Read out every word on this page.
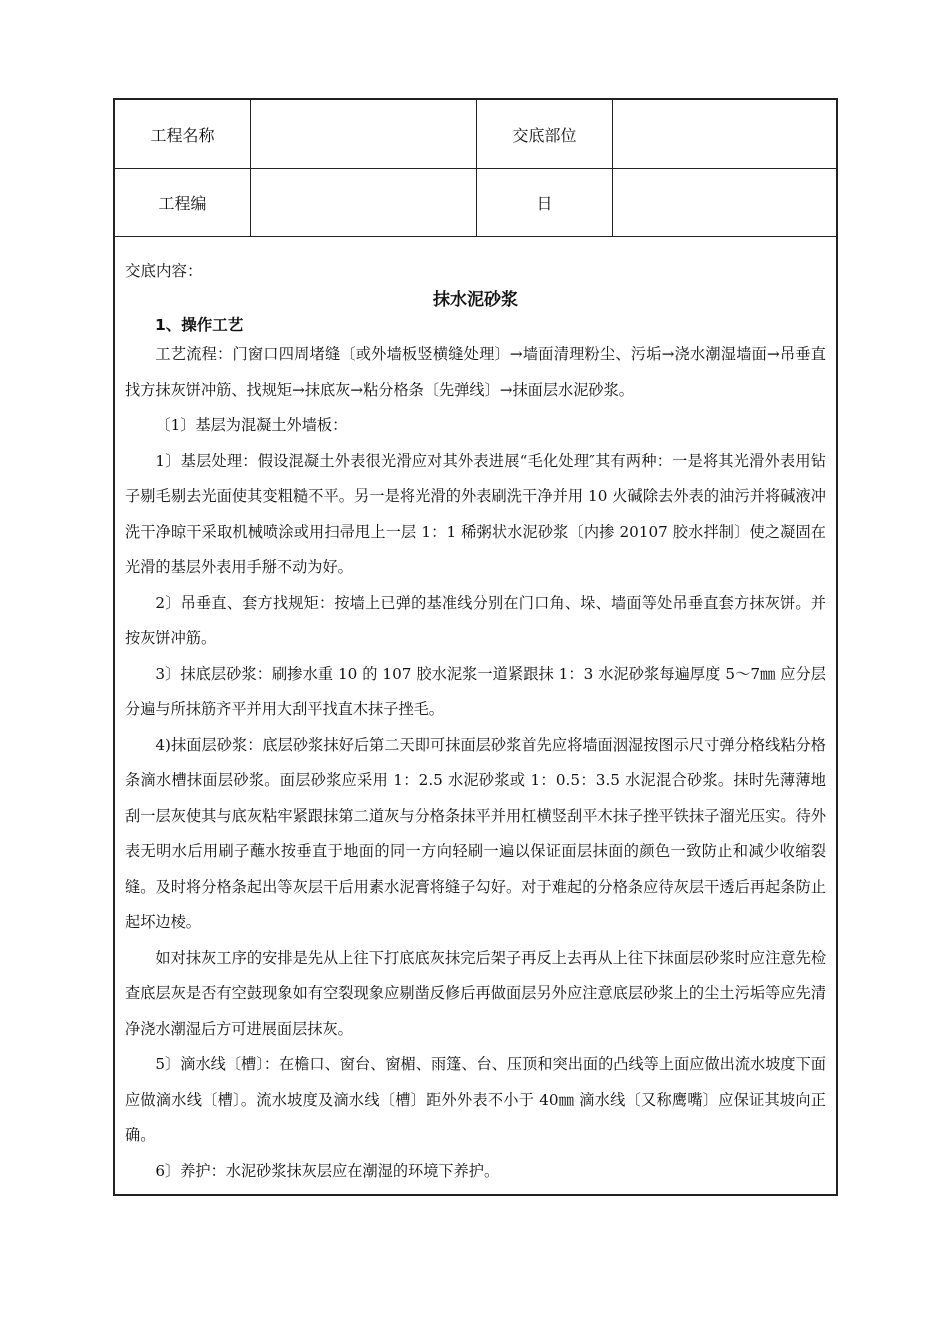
工程名称	交底部位
工程编	日
交底内容：
抹水泥砂浆
1、操作工艺

工艺流程：门窗口四周堵缝〔或外墙板竖横缝处理〕→墙面清理粉尘、污垢→浇水潮湿墙面→吊垂直找方抹灰饼冲筋、找规矩→抹底灰→粘分格条〔先弹线〕→抹面层水泥砂浆。

〔1〕基层为混凝土外墙板：

1〕基层处理：假设混凝土外表很光滑应对其外表进展“毛化处理″其有两种：一是将其光滑外表用钻子剔毛剔去光面使其变粗糙不平。另一是将光滑的外表刷洗干净并用 10 火碱除去外表的油污并将碱液冲洗干净晾干采取机械喷涂或用扫帚甩上一层 1：1 稀粥状水泥砂浆〔内掺 20107 胶水拌制〕使之凝固在光滑的基层外表用手掰不动为好。

2〕吊垂直、套方找规矩：按墙上已弹的基准线分别在门口角、垛、墙面等处吊垂直套方抹灰饼。并按灰饼冲筋。

3〕抹底层砂浆：刷掺水重 10 的 107 胶水泥浆一道紧跟抹 1：3 水泥砂浆每遍厚度 5～7㎜ 应分层分遍与所抹筋齐平并用大刮平找直木抹子挫毛。

4)抹面层砂浆：底层砂浆抹好后第二天即可抹面层砂浆首先应将墙面洇湿按图示尺寸弹分格线粘分格条滴水槽抹面层砂浆。面层砂浆应采用 1：2.5 水泥砂浆或 1：0.5：3.5 水泥混合砂浆。抹时先薄薄地刮一层灰使其与底灰粘牢紧跟抹第二道灰与分格条抹平并用杠横竖刮平木抹子挫平铁抹子溜光压实。待外表无明水后用刷子蘸水按垂直于地面的同一方向轻刷一遍以保证面层抹面的颜色一致防止和减少收缩裂缝。及时将分格条起出等灰层干后用素水泥膏将缝子勾好。对于难起的分格条应待灰层干透后再起条防止起坏边棱。

如对抹灰工序的安排是先从上往下打底底灰抹完后架子再反上去再从上往下抹面层砂浆时应注意先检查底层灰是否有空鼓现象如有空裂现象应剔凿反修后再做面层另外应注意底层砂浆上的尘土污垢等应先清净浇水潮湿后方可进展面层抹灰。

5〕滴水线〔槽〕：在檐口、窗台、窗楣、雨篷、台、压顶和突出面的凸线等上面应做出流水坡度下面应做滴水线〔槽〕。流水坡度及滴水线〔槽〕距外外表不小于 40㎜ 滴水线〔又称鹰嘴〕应保证其坡向正确。

6〕养护：水泥砂浆抹灰层应在潮湿的环境下养护。
